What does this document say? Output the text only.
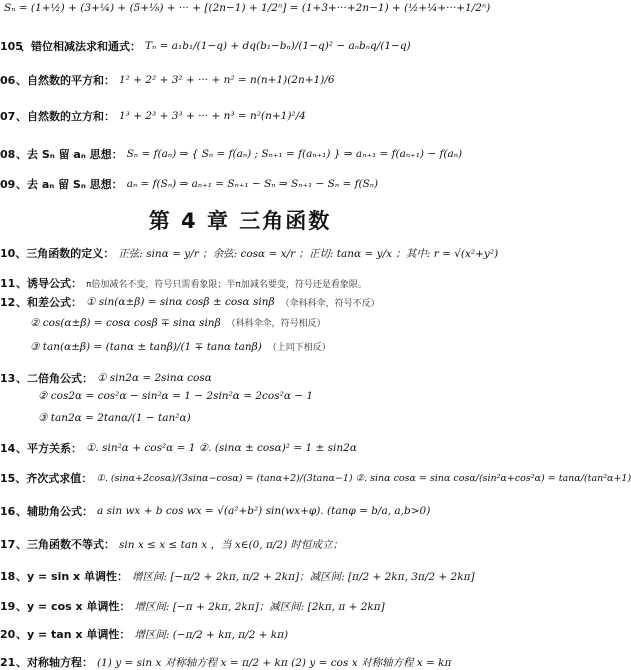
Sₙ = (1+½) + (3+¼) + (5+⅛) + ··· + [(2n−1) + 1/2ⁿ] = (1+3+···+2n−1) + (½+¼+···+1/2ⁿ)
105
、错位相减法求和通式： Tₙ = a₁b₁/(1−q) + dq(b₁−bₙ)/(1−q)² − aₙbₙq/(1−q)
06 、自然数的平方和： 1² + 2² + 3² + ··· + n² = n(n+1)(2n+1)/6
07 、自然数的立方和： 1³ + 2³ + 3³ + ··· + n³ = n²(n+1)²/4
08 、去 Sₙ 留 aₙ 思想： Sₙ = f(aₙ) ⇒ { Sₙ = f(aₙ) ; Sₙ₊₁ = f(aₙ₊₁) } ⇒ aₙ₊₁ = f(aₙ₊₁) − f(aₙ)
09 、去 aₙ 留 Sₙ 思想： aₙ = f(Sₙ) ⇒ aₙ₊₁ = Sₙ₊₁ − Sₙ ⇒ Sₙ₊₁ − Sₙ = f(Sₙ)
第 4 章 三角函数
10 、三角函数的定义： 正弦: sinα = y/r ；余弦: cosα = x/r ；正切: tanα = y/x ；其中: r = √(x²+y²)
11 、诱导公式： π倍加减名不变，符号只需看象限；半π加减名要变，符号还是看象限。
12 、和差公式： ① sin(α±β) = sinα cosβ ± cosα sinβ （伞科科伞，符号不反）
② cos(α±β) = cosα cosβ ∓ sinα sinβ （科科伞伞，符号相反）
③ tan(α±β) = (tanα ± tanβ)/(1 ∓ tanα tanβ) （上同下相反）
13 、二倍角公式： ① sin2α = 2sinα cosα
② cos2α = cos²α − sin²α = 1 − 2sin²α = 2cos²α − 1
③ tan2α = 2tanα/(1 − tan²α)
14 、平方关系： ①. sin²α + cos²α = 1 ②. (sinα ± cosα)² = 1 ± sin2α
15 、齐次式求值： ①. (sinα+2cosα)/(3sinα−cosα) = (tanα+2)/(3tanα−1) ②. sinα cosα = sinα cosα/(sin²α+cos²α) = tanα/(tan²α+1)
16 、辅助角公式： a sin wx + b cos wx = √(a²+b²) sin(wx+φ). (tanφ = b/a, a,b>0)
17 、三角函数不等式： sin x ≤ x ≤ tan x ，当 x∈(0, π/2) 时恒成立；
18 、y = sin x 单调性： 增区间: [−π/2 + 2kπ, π/2 + 2kπ]；减区间: [π/2 + 2kπ, 3π/2 + 2kπ]
19 、y = cos x 单调性： 增区间: [−π + 2kπ, 2kπ]；减区间: [2kπ, π + 2kπ]
20 、y = tan x 单调性： 增区间: (−π/2 + kπ, π/2 + kπ)
21 、对称轴方程： (1) y = sin x 对称轴方程 x = π/2 + kπ (2) y = cos x 对称轴方程 x = kπ
